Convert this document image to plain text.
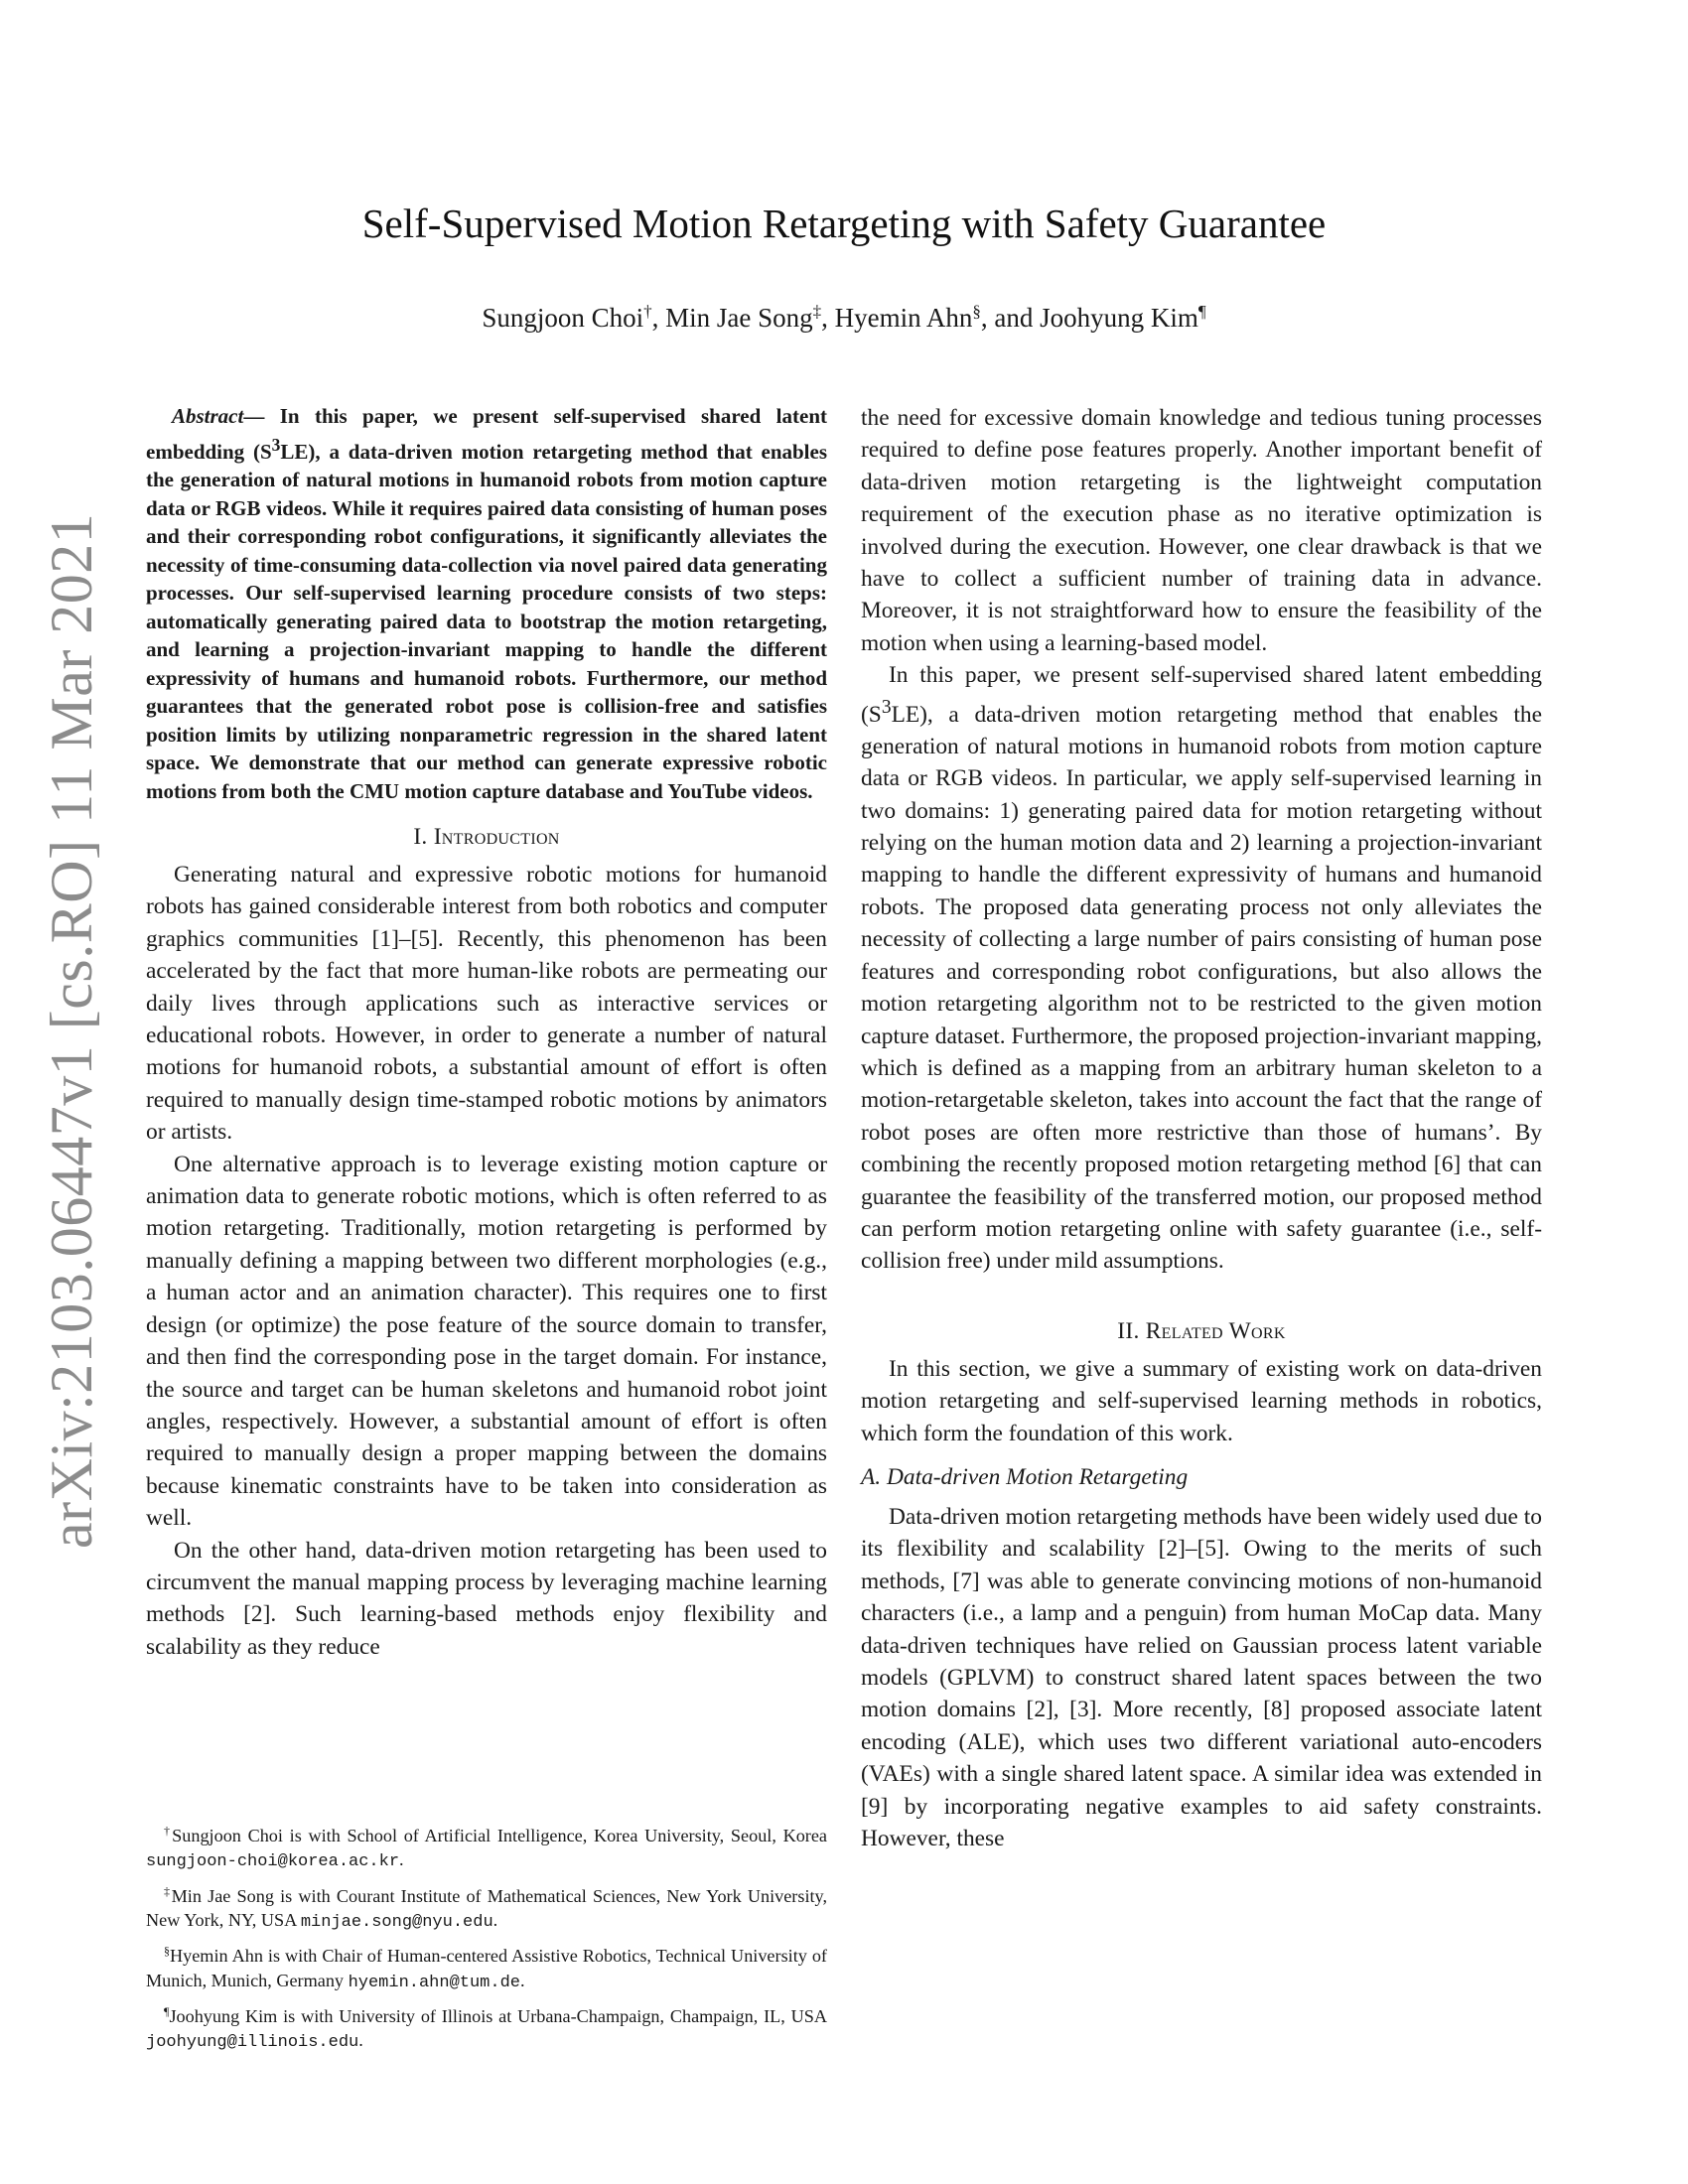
arXiv:2103.06447v1 [cs.RO] 11 Mar 2021
Self-Supervised Motion Retargeting with Safety Guarantee
Sungjoon Choi†, Min Jae Song‡, Hyemin Ahn§, and Joohyung Kim¶

Abstract— In this paper, we present self-supervised shared latent embedding $(S^3LE)$, a data-driven motion retargeting method that enables the generation of natural motions in humanoid robots from motion capture data or RGB videos. While it requires paired data consisting of human poses and their corresponding robot configurations, it significantly alleviates the necessity of time-consuming data-collection via novel paired data generating processes. Our self-supervised learning procedure consists of two steps: automatically generating paired data to bootstrap the motion retargeting, and learning a projection-invariant mapping to handle the different expressivity of humans and humanoid robots. Furthermore, our method guarantees that the generated robot pose is collision-free and satisfies position limits by utilizing nonparametric regression in the shared latent space. We demonstrate that our method can generate expressive robotic motions from both the CMU motion capture database and YouTube videos.

I. Introduction

Generating natural and expressive robotic motions for humanoid robots has gained considerable interest from both robotics and computer graphics communities [1]–[5]. Recently, this phenomenon has been accelerated by the fact that more human-like robots are permeating our daily lives through applications such as interactive services or educational robots. However, in order to generate a number of natural motions for humanoid robots, a substantial amount of effort is often required to manually design time-stamped robotic motions by animators or artists.

One alternative approach is to leverage existing motion capture or animation data to generate robotic motions, which is often referred to as motion retargeting. Traditionally, motion retargeting is performed by manually defining a mapping between two different morphologies (e.g., a human actor and an animation character). This requires one to first design (or optimize) the pose feature of the source domain to transfer, and then find the corresponding pose in the target domain. For instance, the source and target can be human skeletons and humanoid robot joint angles, respectively. However, a substantial amount of effort is often required to manually design a proper mapping between the domains because kinematic constraints have to be taken into consideration as well.

On the other hand, data-driven motion retargeting has been used to circumvent the manual mapping process by leveraging machine learning methods [2]. Such learning-based methods enjoy flexibility and scalability as they reduce

the need for excessive domain knowledge and tedious tuning processes required to define pose features properly. Another important benefit of data-driven motion retargeting is the lightweight computation requirement of the execution phase as no iterative optimization is involved during the execution. However, one clear drawback is that we have to collect a sufficient number of training data in advance. Moreover, it is not straightforward how to ensure the feasibility of the motion when using a learning-based model.

In this paper, we present self-supervised shared latent embedding $(S^3LE)$, a data-driven motion retargeting method that enables the generation of natural motions in humanoid robots from motion capture data or RGB videos. In particular, we apply self-supervised learning in two domains: 1) generating paired data for motion retargeting without relying on the human motion data and 2) learning a projection-invariant mapping to handle the different expressivity of humans and humanoid robots. The proposed data generating process not only alleviates the necessity of collecting a large number of pairs consisting of human pose features and corresponding robot configurations, but also allows the motion retargeting algorithm not to be restricted to the given motion capture dataset. Furthermore, the proposed projection-invariant mapping, which is defined as a mapping from an arbitrary human skeleton to a motion-retargetable skeleton, takes into account the fact that the range of robot poses are often more restrictive than those of humans’. By combining the recently proposed motion retargeting method [6] that can guarantee the feasibility of the transferred motion, our proposed method can perform motion retargeting online with safety guarantee (i.e., self-collision free) under mild assumptions.

II. Related Work

In this section, we give a summary of existing work on data-driven motion retargeting and self-supervised learning methods in robotics, which form the foundation of this work.

A. Data-driven Motion Retargeting

Data-driven motion retargeting methods have been widely used due to its flexibility and scalability [2]–[5]. Owing to the merits of such methods, [7] was able to generate convincing motions of non-humanoid characters (i.e., a lamp and a penguin) from human MoCap data. Many data-driven techniques have relied on Gaussian process latent variable models (GPLVM) to construct shared latent spaces between the two motion domains [2], [3]. More recently, [8] proposed associate latent encoding (ALE), which uses two different variational auto-encoders (VAEs) with a single shared latent space. A similar idea was extended in [9] by incorporating negative examples to aid safety constraints. However, these

†Sungjoon Choi is with School of Artificial Intelligence, Korea University, Seoul, Korea sungjoon-choi@korea.ac.kr.

‡Min Jae Song is with Courant Institute of Mathematical Sciences, New York University, New York, NY, USA minjae.song@nyu.edu.

§Hyemin Ahn is with Chair of Human-centered Assistive Robotics, Technical University of Munich, Munich, Germany hyemin.ahn@tum.de.

¶Joohyung Kim is with University of Illinois at Urbana-Champaign, Champaign, IL, USA joohyung@illinois.edu.
